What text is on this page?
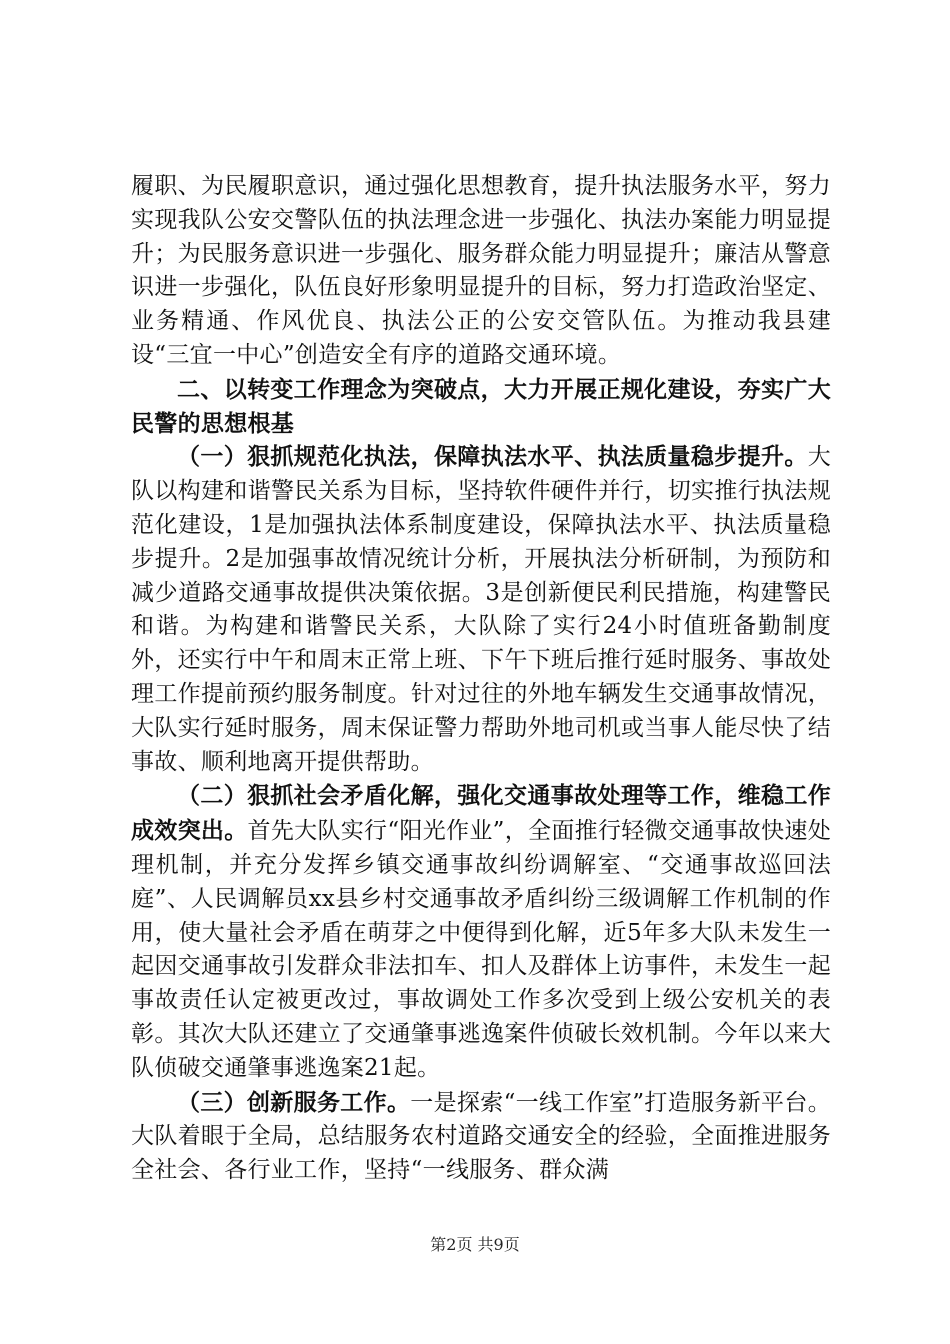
履职、为民履职意识，通过强化思想教育，提升执法服务水平，努力实现我队公安交警队伍的执法理念进一步强化、执法办案能力明显提升；为民服务意识进一步强化、服务群众能力明显提升；廉洁从警意识进一步强化，队伍良好形象明显提升的目标，努力打造政治坚定、业务精通、作风优良、执法公正的公安交管队伍。为推动我县建设“三宜一中心”创造安全有序的道路交通环境。

二、以转变工作理念为突破点，大力开展正规化建设，夯实广大民警的思想根基

（一）狠抓规范化执法，保障执法水平、执法质量稳步提升。大队以构建和谐警民关系为目标，坚持软件硬件并行，切实推行执法规范化建设，1是加强执法体系制度建设，保障执法水平、执法质量稳步提升。2是加强事故情况统计分析，开展执法分析研制，为预防和减少道路交通事故提供决策依据。3是创新便民利民措施，构建警民和谐。为构建和谐警民关系，大队除了实行24小时值班备勤制度外，还实行中午和周末正常上班、下午下班后推行延时服务、事故处理工作提前预约服务制度。针对过往的外地车辆发生交通事故情况，大队实行延时服务，周末保证警力帮助外地司机或当事人能尽快了结事故、顺利地离开提供帮助。

（二）狠抓社会矛盾化解，强化交通事故处理等工作，维稳工作成效突出。首先大队实行“阳光作业”，全面推行轻微交通事故快速处理机制，并充分发挥乡镇交通事故纠纷调解室、“交通事故巡回法庭”、人民调解员xx县乡村交通事故矛盾纠纷三级调解工作机制的作用，使大量社会矛盾在萌芽之中便得到化解，近5年多大队未发生一起因交通事故引发群众非法扣车、扣人及群体上访事件，未发生一起事故责任认定被更改过，事故调处工作多次受到上级公安机关的表彰。其次大队还建立了交通肇事逃逸案件侦破长效机制。今年以来大队侦破交通肇事逃逸案21起。

（三）创新服务工作。一是探索“一线工作室”打造服务新平台。大队着眼于全局，总结服务农村道路交通安全的经验，全面推进服务全社会、各行业工作，坚持“一线服务、群众满

第2页 共9页
